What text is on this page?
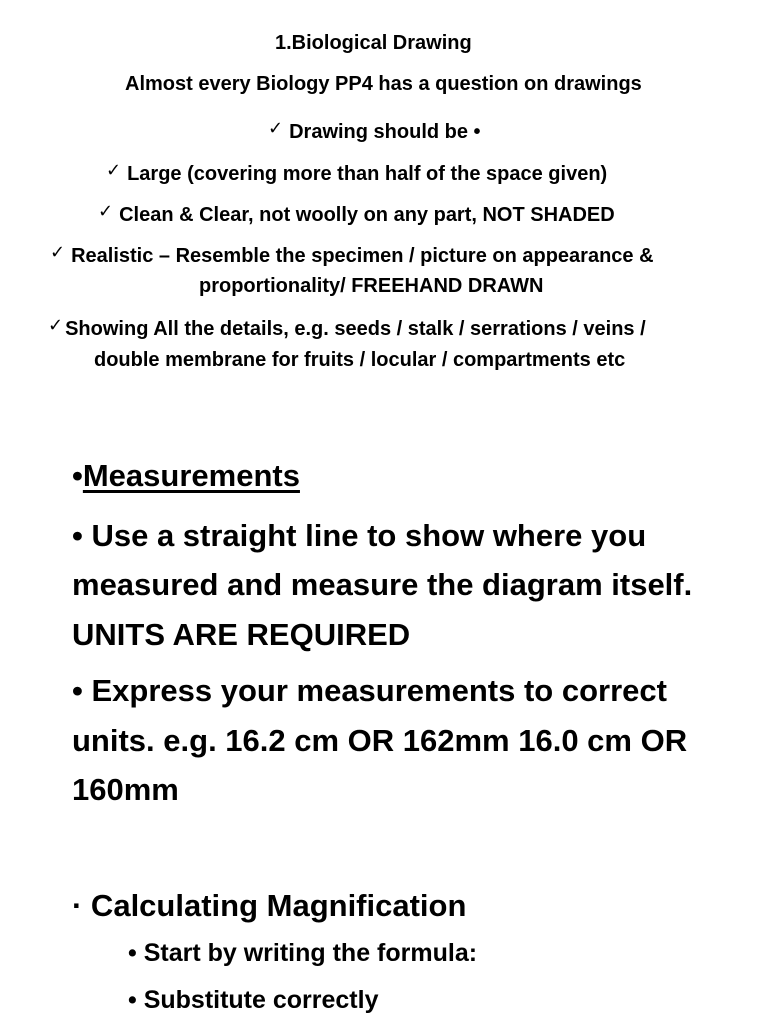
1.Biological Drawing
Almost every Biology PP4 has a question on drawings
✓ Drawing should be •
✓ Large (covering more than half of the space given)
✓ Clean & Clear, not woolly on any part, NOT SHADED
✓ Realistic – Resemble the specimen / picture on appearance &
proportionality/ FREEHAND DRAWN
✓ Showing All the details, e.g. seeds / stalk / serrations / veins /
double membrane for fruits / locular / compartments etc
•Measurements
• Use a straight line to show where you
measured and measure the diagram itself.
UNITS ARE REQUIRED
• Express your measurements to correct
units. e.g. 16.2 cm OR 162mm 16.0 cm OR
160mm
· Calculating Magnification
• Start by writing the formula:
• Substitute correctly
